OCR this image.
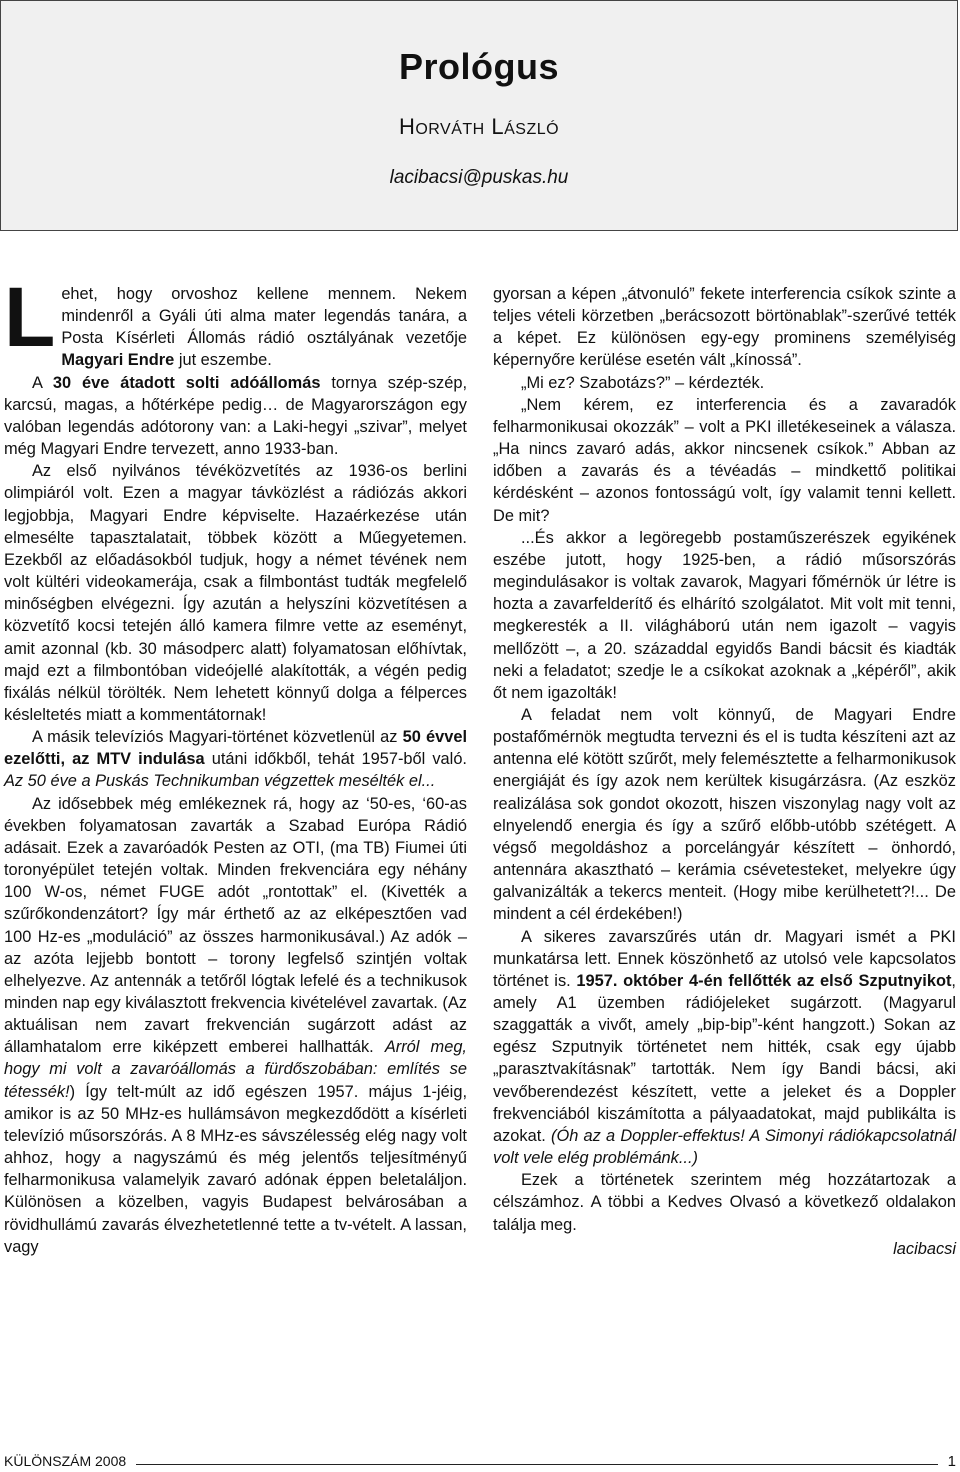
Prológus
HORVÁTH LÁSZLÓ
lacibacsi@puskas.hu

Lehet, hogy orvoshoz kellene mennem. Nekem mindenről a Gyáli úti alma mater legendás tanára, a Posta Kísérleti Állomás rádió osztályának vezetője Magyari Endre jut eszembe.

A 30 éve átadott solti adóállomás tornya szép-szép, karcsú, magas, a hőtérképe pedig… de Magyarországon egy valóban legendás adótorony van: a Laki-hegyi „szivar”, melyet még Magyari Endre tervezett, anno 1933-ban.

Az első nyilvános tévéközvetítés az 1936-os berlini olimpiáról volt. Ezen a magyar távközlést a rádiózás akkori legjobbja, Magyari Endre képviselte. Hazaérkezése után elmesélte tapasztalatait, többek között a Műegyetemen. Ezekből az előadásokból tudjuk, hogy a német tévének nem volt kültéri videokamerája, csak a filmbontást tudták megfelelő minőségben elvégezni. Így azután a helyszíni közvetítésen a közvetítő kocsi tetején álló kamera filmre vette az eseményt, amit azonnal (kb. 30 másodperc alatt) folyamatosan előhívtak, majd ezt a filmbontóban videójellé alakították, a végén pedig fixálás nélkül törölték. Nem lehetett könnyű dolga a félperces késleltetés miatt a kommentátornak!

A másik televíziós Magyari-történet közvetlenül az 50 évvel ezelőtti, az MTV indulása utáni időkből, tehát 1957-ből való. Az 50 éve a Puskás Technikumban végzettek mesélték el...

Az idősebbek még emlékeznek rá, hogy az ‘50-es, ‘60-as években folyamatosan zavarták a Szabad Európa Rádió adásait. Ezek a zavaróadók Pesten az OTI, (ma TB) Fiumei úti toronyépület tetején voltak. Minden frekvenciára egy néhány 100 W-os, német FUGE adót „rontottak” el. (Kivették a szűrőkondenzátort? Így már érthető az az elképesztően vad 100 Hz-es „moduláció” az összes harmonikusával.) Az adók – az azóta lejjebb bontott – torony legfelső szintjén voltak elhelyezve. Az antennák a tetőről lógtak lefelé és a technikusok minden nap egy kiválasztott frekvencia kivételével zavartak. (Az aktuálisan nem zavart frekvencián sugárzott adást az államhatalom erre kiképzett emberei hallhatták. Arról meg, hogy mi volt a zavaróállomás a fürdőszobában: említés se tétessék!) Így telt-múlt az idő egészen 1957. május 1-jéig, amikor is az 50 MHz-es hullámsávon megkezdődött a kísérleti televízió műsorszórás. A 8 MHz-es sávszélesség elég nagy volt ahhoz, hogy a nagyszámú és még jelentős teljesítményű felharmonikusa valamelyik zavaró adónak éppen beletaláljon. Különösen a közelben, vagyis Budapest belvárosában a rövidhullámú zavarás élvezhetetlenné tette a tv-vételt. A lassan, vagy

gyorsan a képen „átvonuló” fekete interferencia csíkok szinte a teljes vételi körzetben „berácsozott börtönablak”-szerűvé tették a képet. Ez különösen egy-egy prominens személyiség képernyőre kerülése esetén vált „kínossá”.

„Mi ez? Szabotázs?” – kérdezték.

„Nem kérem, ez interferencia és a zavaradók felharmonikusai okozzák” – volt a PKI illetékeseinek a válasza. „Ha nincs zavaró adás, akkor nincsenek csíkok.” Abban az időben a zavarás és a tévéadás – mindkettő politikai kérdésként – azonos fontosságú volt, így valamit tenni kellett. De mit?

...És akkor a legöregebb postaműszerészek egyikének eszébe jutott, hogy 1925-ben, a rádió műsorszórás megindulásakor is voltak zavarok, Magyari főmérnök úr létre is hozta a zavarfelderítő és elhárító szolgálatot. Mit volt mit tenni, megkeresték a II. világháború után nem igazolt – vagyis mellőzött –, a 20. századdal egyidős Bandi bácsit és kiadták neki a feladatot; szedje le a csíkokat azoknak a „képéről”, akik őt nem igazolták!

A feladat nem volt könnyű, de Magyari Endre postafőmérnök megtudta tervezni és el is tudta készíteni azt az antenna elé kötött szűrőt, mely felemésztette a felharmonikusok energiáját és így azok nem kerültek kisugárzásra. (Az eszköz realizálása sok gondot okozott, hiszen viszonylag nagy volt az elnyelendő energia és így a szűrő előbb-utóbb szétégett. A végső megoldáshoz a porcelángyár készített – önhordó, antennára akasztható – kerámia csévetesteket, melyekre úgy galvanizálták a tekercs menteit. (Hogy mibe kerülhetett?!... De mindent a cél érdekében!)

A sikeres zavarszűrés után dr. Magyari ismét a PKI munkatársa lett. Ennek köszönhető az utolsó vele kapcsolatos történet is. 1957. október 4-én fellőtték az első Szputnyikot, amely A1 üzemben rádiójeleket sugárzott. (Magyarul szaggatták a vivőt, amely „bip-bip”-ként hangzott.) Sokan az egész Szputnyik történetet nem hitték, csak egy újabb „parasztvakításnak” tartották. Nem így Bandi bácsi, aki vevőberendezést készített, vette a jeleket és a Doppler frekvenciából kiszámította a pályaadatokat, majd publikálta is azokat. (Óh az a Doppler-effektus! A Simonyi rádiókapcsolatnál volt vele elég problémánk...)

Ezek a történetek szerintem még hozzátartozak a célszámhoz. A többi a Kedves Olvasó a következő oldalakon találja meg.

lacibacsi

KÜLÖNSZÁM 2008	1
